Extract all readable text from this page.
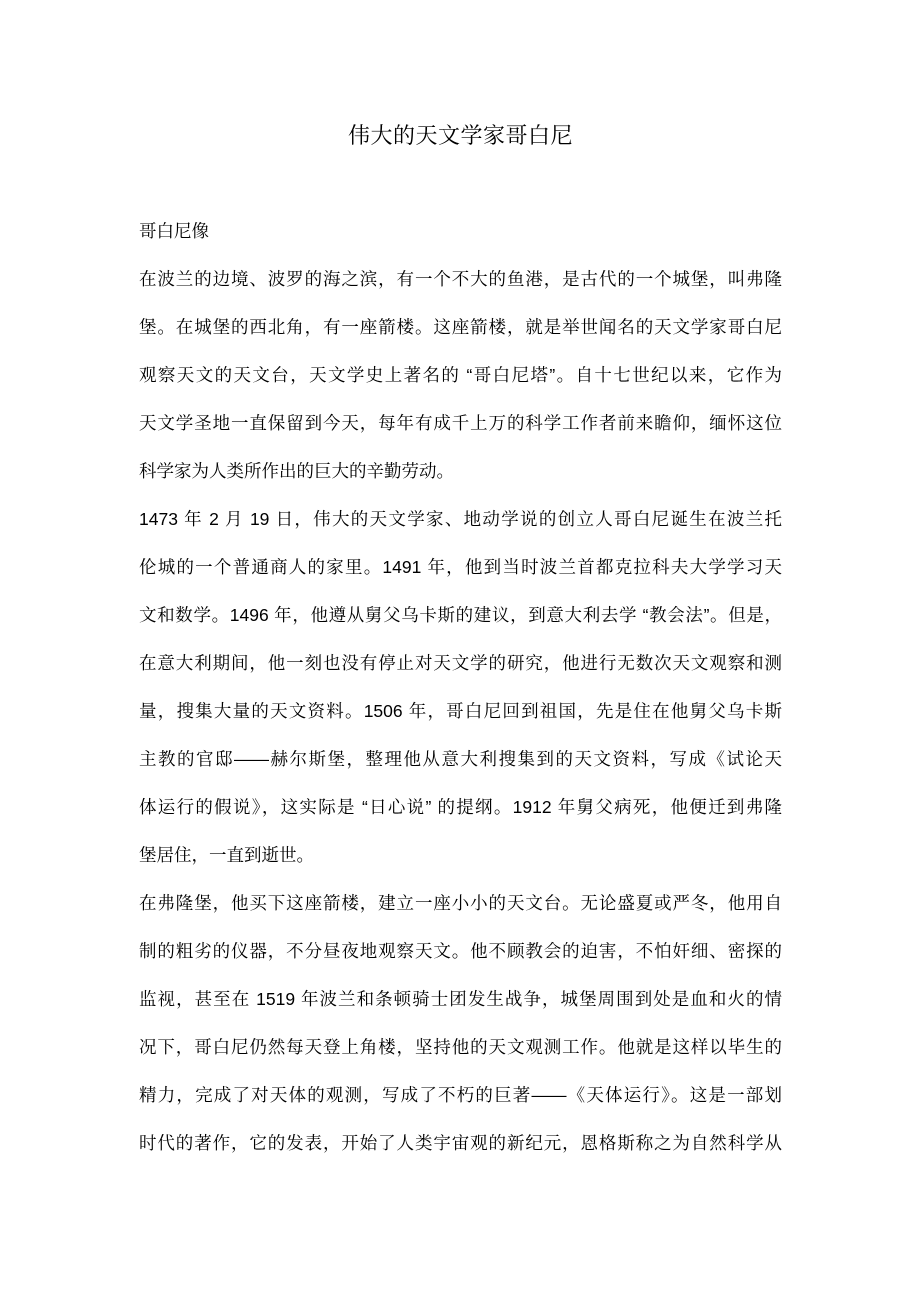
伟大的天文学家哥白尼
哥白尼像
在波兰的边境、波罗的海之滨，有一个不大的鱼港，是古代的一个城堡，叫弗隆
堡。在城堡的西北角，有一座箭楼。这座箭楼，就是举世闻名的天文学家哥白尼
观察天文的天文台，天文学史上著名的 “哥白尼塔”。自十七世纪以来，它作为
天文学圣地一直保留到今天，每年有成千上万的科学工作者前来瞻仰，缅怀这位
科学家为人类所作出的巨大的辛勤劳动。
1473 年 2 月 19 日，伟大的天文学家、地动学说的创立人哥白尼诞生在波兰托
伦城的一个普通商人的家里。1491 年，他到当时波兰首都克拉科夫大学学习天
文和数学。1496 年，他遵从舅父乌卡斯的建议，到意大利去学 “教会法”。但是，
在意大利期间，他一刻也没有停止对天文学的研究，他进行无数次天文观察和测
量，搜集大量的天文资料。1506 年，哥白尼回到祖国，先是住在他舅父乌卡斯
主教的官邸——赫尔斯堡，整理他从意大利搜集到的天文资料，写成《试论天
体运行的假说》，这实际是 “日心说” 的提纲。1912 年舅父病死，他便迁到弗隆
堡居住，一直到逝世。
在弗隆堡，他买下这座箭楼，建立一座小小的天文台。无论盛夏或严冬，他用自
制的粗劣的仪器，不分昼夜地观察天文。他不顾教会的迫害，不怕奸细、密探的
监视，甚至在 1519 年波兰和条顿骑士团发生战争，城堡周围到处是血和火的情
况下，哥白尼仍然每天登上角楼，坚持他的天文观测工作。他就是这样以毕生的
精力，完成了对天体的观测，写成了不朽的巨著——《天体运行》。这是一部划
时代的著作，它的发表，开始了人类宇宙观的新纪元，恩格斯称之为自然科学从
